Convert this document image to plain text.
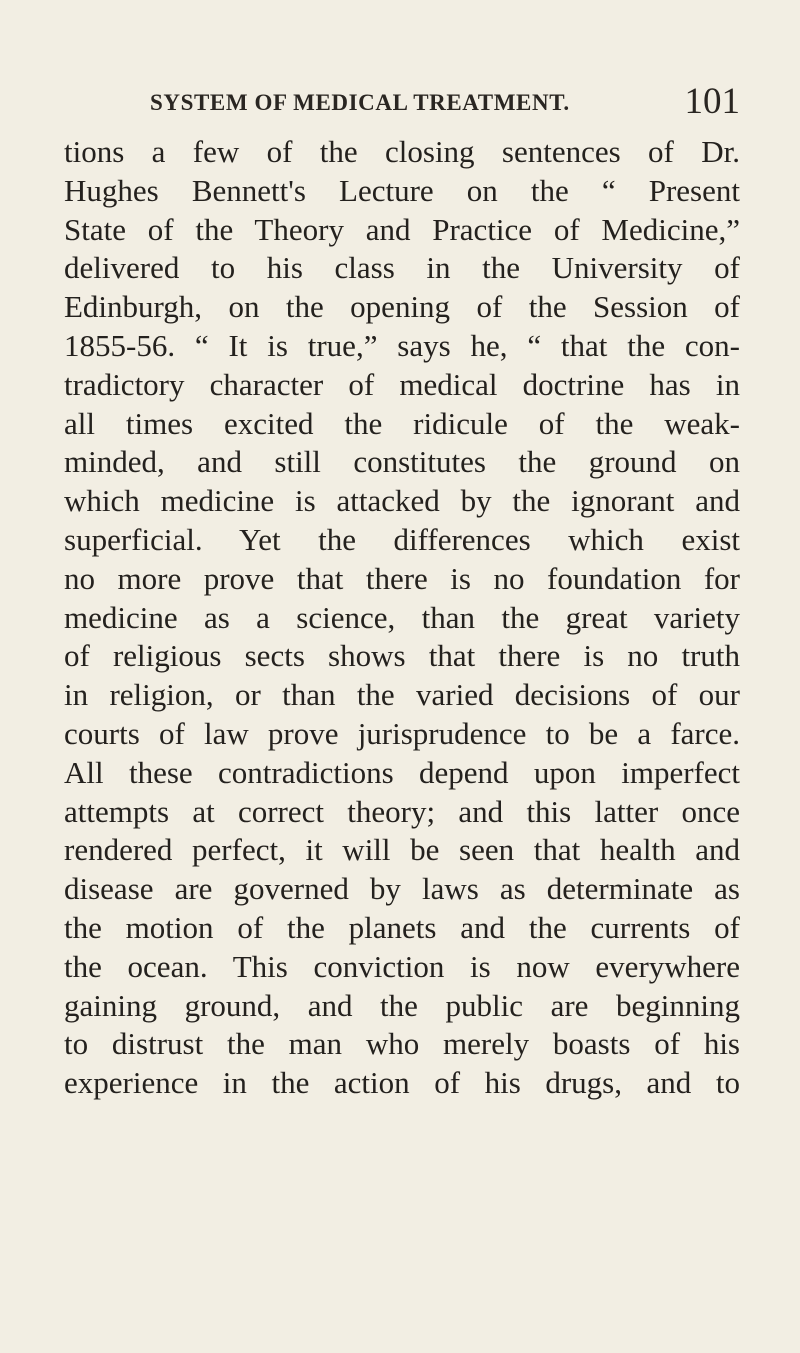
SYSTEM OF MEDICAL TREATMENT.	101
tions a few of the closing sentences of Dr.
Hughes Bennett's Lecture on the “ Present
State of the Theory and Practice of Medicine,”
delivered to his class in the University of
Edinburgh, on the opening of the Session of
1855-56. “ It is true,” says he, “ that the con-
tradictory character of medical doctrine has in
all times excited the ridicule of the weak-
minded, and still constitutes the ground on
which medicine is attacked by the ignorant and
superficial. Yet the differences which exist
no more prove that there is no foundation for
medicine as a science, than the great variety
of religious sects shows that there is no truth
in religion, or than the varied decisions of our
courts of law prove jurisprudence to be a farce.
All these contradictions depend upon imperfect
attempts at correct theory; and this latter once
rendered perfect, it will be seen that health and
disease are governed by laws as determinate as
the motion of the planets and the currents of
the ocean. This conviction is now everywhere
gaining ground, and the public are beginning
to distrust the man who merely boasts of his
experience in the action of his drugs, and to
